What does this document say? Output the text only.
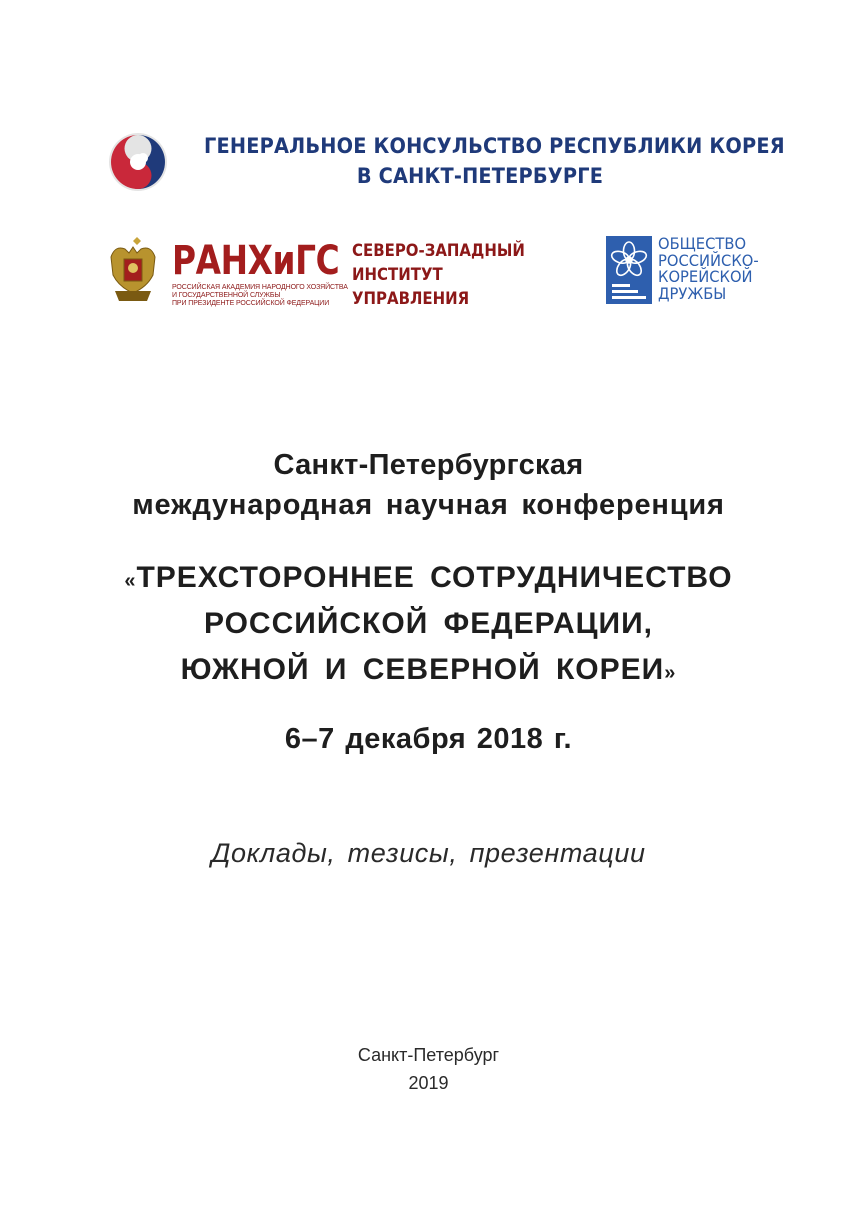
ГЕНЕРАЛЬНОЕ КОНСУЛЬСТВО РЕСПУБЛИКИ КОРЕЯ
В САНКТ-ПЕТЕРБУРГЕ
РАНХиГС
РОССИЙСКАЯ АКАДЕМИЯ НАРОДНОГО ХОЗЯЙСТВА
И ГОСУДАРСТВЕННОЙ СЛУЖБЫ
ПРИ ПРЕЗИДЕНТЕ РОССИЙСКОЙ ФЕДЕРАЦИИ
СЕВЕРО-ЗАПАДНЫЙ
ИНСТИТУТ
УПРАВЛЕНИЯ
ОБЩЕСТВО
РОССИЙСКО-
КОРЕЙСКОЙ
ДРУЖБЫ
Санкт-Петербургская
международная научная конференция
«ТРЕХСТОРОННЕЕ СОТРУДНИЧЕСТВО
РОССИЙСКОЙ ФЕДЕРАЦИИ,
ЮЖНОЙ И СЕВЕРНОЙ КОРЕИ»
6–7 декабря 2018 г.
Доклады, тезисы, презентации
Санкт-Петербург
2019
